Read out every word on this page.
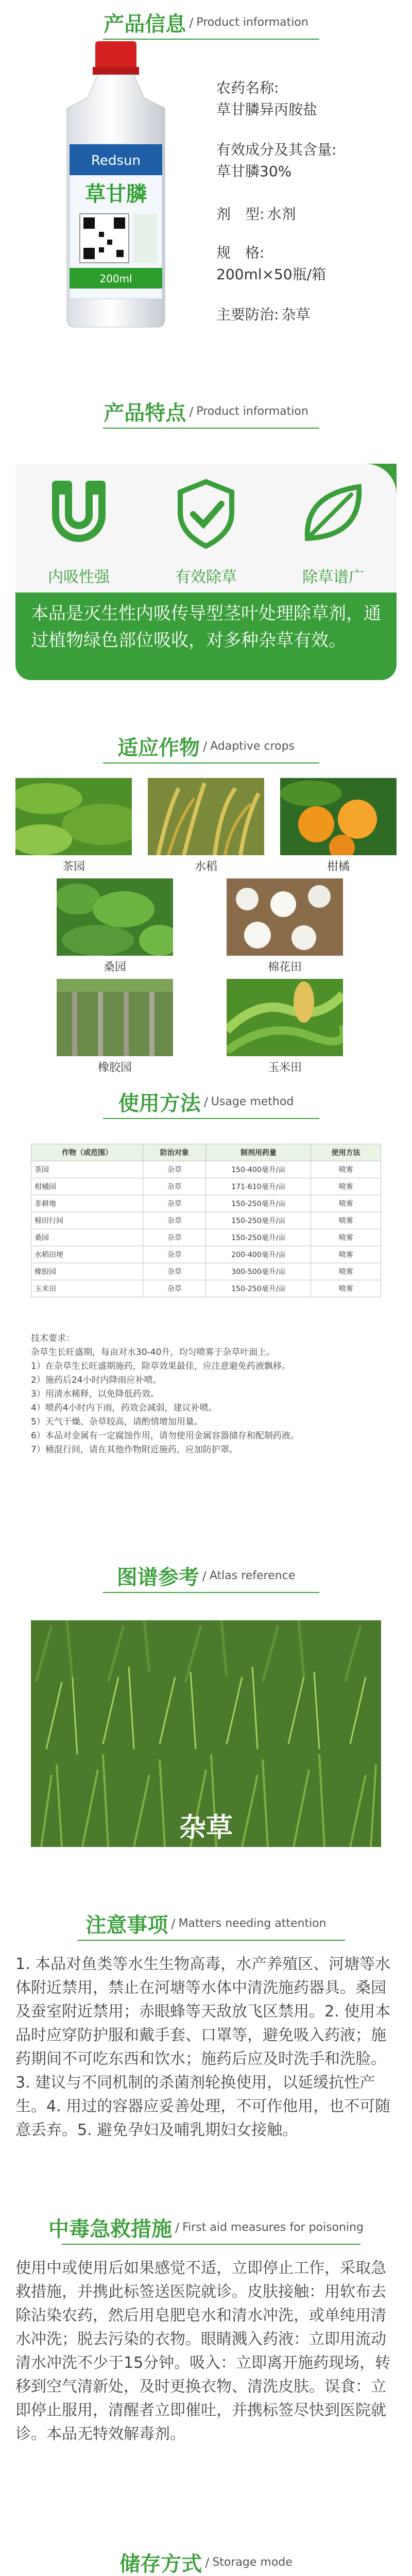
产品信息 / Product information
Redsun
草甘膦
200ml
农药名称:
草甘膦异丙胺盐
有效成分及其含量:
草甘膦30%
剂　型: 水剂
规　格:
200ml×50瓶/箱
主要防治: 杂草
产品特点 / Product information
内吸性强	有效除草	除草谱广
本品是灭生性内吸传导型茎叶处理除草剂，通过植物绿色部位吸收，对多种杂草有效。
适应作物 / Adaptive crops
茶园	水稻	柑橘
桑园	棉花田
橡胶园	玉米田
使用方法 / Usage method
作物（或范围）	防治对象	制剂用药量	使用方法
茶园	杂草	150-400毫升/亩	喷雾
柑橘园	杂草	171-610毫升/亩	喷雾
非耕地	杂草	150-250毫升/亩	喷雾
棉田行间	杂草	150-250毫升/亩	喷雾
桑园	杂草	150-250毫升/亩	喷雾
水稻田埂	杂草	200-400毫升/亩	喷雾
橡胶园	杂草	300-500毫升/亩	喷雾
玉米田	杂草	150-250毫升/亩	喷雾
技术要求：
杂草生长旺盛期，每亩对水30-40升，均匀喷雾于杂草叶面上。
1）在杂草生长旺盛期施药，除草效果最佳，应注意避免药液飘移。
2）施药后24小时内降雨应补喷。
3）用清水稀释，以免降低药效。
4）喷药4小时内下雨，药效会减弱，建议补喷。
5）天气干燥、杂草较高，请酌情增加用量。
6）本品对金属有一定腐蚀作用，请勿使用金属容器储存和配制药液。
7）桶混行间，请在其他作物附近施药，应加防护罩。
图谱参考 / Atlas reference
杂草
注意事项 / Matters needing attention
1. 本品对鱼类等水生生物高毒，水产养殖区、河塘等水体附近禁用，禁止在河塘等水体中清洗施药器具。桑园及蚕室附近禁用；赤眼蜂等天敌放飞区禁用。2. 使用本品时应穿防护服和戴手套、口罩等，避免吸入药液；施药期间不可吃东西和饮水；施药后应及时洗手和洗脸。3. 建议与不同机制的杀菌剂轮换使用，以延缓抗性产生。4. 用过的容器应妥善处理，不可作他用，也不可随意丢弃。5. 避免孕妇及哺乳期妇女接触。
中毒急救措施 / First aid measures for poisoning
使用中或使用后如果感觉不适，立即停止工作，采取急救措施，并携此标签送医院就诊。皮肤接触：用软布去除沾染农药，然后用皂肥皂水和清水冲洗，或单纯用清水冲洗；脱去污染的衣物。眼睛溅入药液：立即用流动清水冲洗不少于15分钟。吸入：立即离开施药现场，转移到空气清新处，及时更换衣物、清洗皮肤。误食：立即停止服用，清醒者立即催吐，并携标签尽快到医院就诊。本品无特效解毒剂。
储存方式 / Storage mode
